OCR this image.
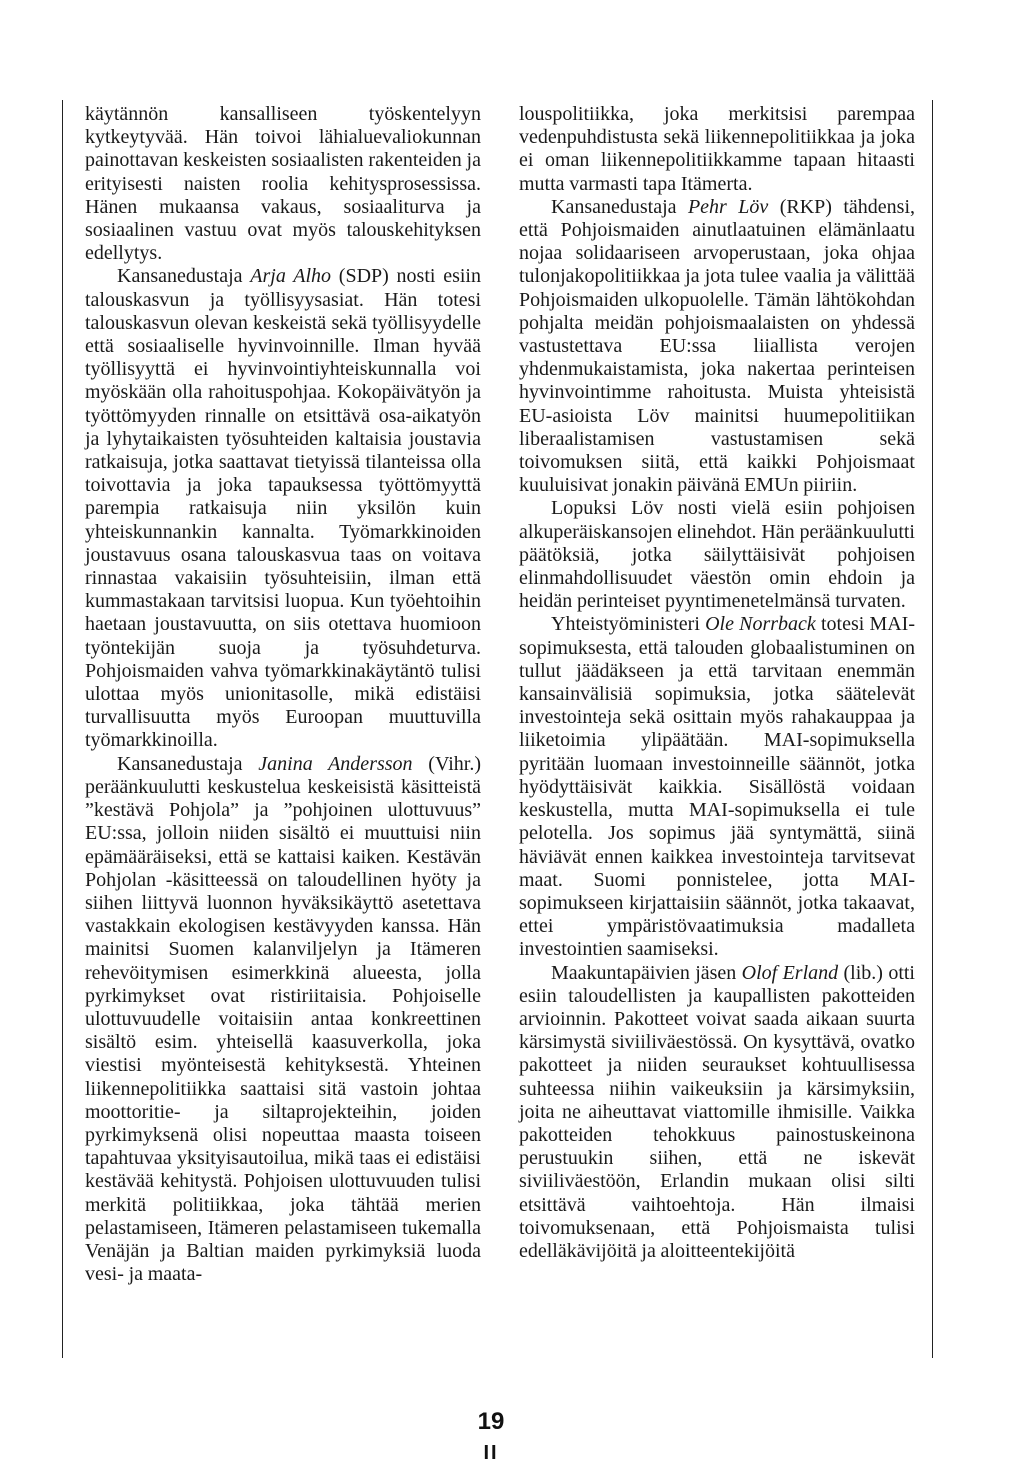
käytännön kansalliseen työskentelyyn kytkeytyvää. Hän toivoi lähialuevaliokunnan painottavan keskeisten sosiaalisten rakenteiden ja erityisesti naisten roolia kehitysprosessissa. Hänen mukaansa vakaus, sosiaaliturva ja sosiaalinen vastuu ovat myös talouskehityksen edellytys.

Kansanedustaja Arja Alho (SDP) nosti esiin talouskasvun ja työllisyysasiat. Hän totesi talouskasvun olevan keskeistä sekä työllisyydelle että sosiaaliselle hyvinvoinnille. Ilman hyvää työllisyyttä ei hyvinvointiyhteiskunnalla voi myöskään olla rahoituspohjaa. Kokopäivätyön ja työttömyyden rinnalle on etsittävä osa-aikatyön ja lyhytaikaisten työsuhteiden kaltaisia joustavia ratkaisuja, jotka saattavat tietyissä tilanteissa olla toivottavia ja joka tapauksessa työttömyyttä parempia ratkaisuja niin yksilön kuin yhteiskunnankin kannalta. Työmarkkinoiden joustavuus osana talouskasvua taas on voitava rinnastaa vakaisiin työsuhteisiin, ilman että kummastakaan tarvitsisi luopua. Kun työehtoihin haetaan joustavuutta, on siis otettava huomioon työntekijän suoja ja työsuhdeturva. Pohjoismaiden vahva työmarkkinakäytäntö tulisi ulottaa myös unionitasolle, mikä edistäisi turvallisuutta myös Euroopan muuttuvilla työmarkkinoilla.

Kansanedustaja Janina Andersson (Vihr.) peräänkuulutti keskustelua keskeisistä käsitteistä ”kestävä Pohjola” ja ”pohjoinen ulottuvuus” EU:ssa, jolloin niiden sisältö ei muuttuisi niin epämääräiseksi, että se kattaisi kaiken. Kestävän Pohjolan -käsitteessä on taloudellinen hyöty ja siihen liittyvä luonnon hyväksikäyttö asetettava vastakkain ekologisen kestävyyden kanssa. Hän mainitsi Suomen kalanviljelyn ja Itämeren rehevöitymisen esimerkkinä alueesta, jolla pyrkimykset ovat ristiriitaisia. Pohjoiselle ulottuvuudelle voitaisiin antaa konkreettinen sisältö esim. yhteisellä kaasuverkolla, joka viestisi myönteisestä kehityksestä. Yhteinen liikennepolitiikka saattaisi sitä vastoin johtaa moottoritie- ja siltaprojekteihin, joiden pyrkimyksenä olisi nopeuttaa maasta toiseen tapahtuvaa yksityisautoilua, mikä taas ei edistäisi kestävää kehitystä. Pohjoisen ulottuvuuden tulisi merkitä politiikkaa, joka tähtää merien pelastamiseen, Itämeren pelastamiseen tukemalla Venäjän ja Baltian maiden pyrkimyksiä luoda vesi- ja maata-

louspolitiikka, joka merkitsisi parempaa vedenpuhdistusta sekä liikennepolitiikkaa ja joka ei oman liikennepolitiikkamme tapaan hitaasti mutta varmasti tapa Itämerta.

Kansanedustaja Pehr Löv (RKP) tähdensi, että Pohjoismaiden ainutlaatuinen elämänlaatu nojaa solidaariseen arvoperustaan, joka ohjaa tulonjakopolitiikkaa ja jota tulee vaalia ja välittää Pohjoismaiden ulkopuolelle. Tämän lähtökohdan pohjalta meidän pohjoismaalaisten on yhdessä vastustettava EU:ssa liiallista verojen yhdenmukaistamista, joka nakertaa perinteisen hyvinvointimme rahoitusta. Muista yhteisistä EU-asioista Löv mainitsi huumepolitiikan liberaalistamisen vastustamisen sekä toivomuksen siitä, että kaikki Pohjoismaat kuuluisivat jonakin päivänä EMUn piiriin.

Lopuksi Löv nosti vielä esiin pohjoisen alkuperäiskansojen elinehdot. Hän peräänkuulutti päätöksiä, jotka säilyttäisivät pohjoisen elinmahdollisuudet väestön omin ehdoin ja heidän perinteiset pyyntimenetelmänsä turvaten.

Yhteistyöministeri Ole Norrback totesi MAI-sopimuksesta, että talouden globaalistuminen on tullut jäädäkseen ja että tarvitaan enemmän kansainvälisiä sopimuksia, jotka säätelevät investointeja sekä osittain myös rahakauppaa ja liiketoimia ylipäätään. MAI-sopimuksella pyritään luomaan investoinneille säännöt, jotka hyödyttäisivät kaikkia. Sisällöstä voidaan keskustella, mutta MAI-sopimuksella ei tule pelotella. Jos sopimus jää syntymättä, siinä häviävät ennen kaikkea investointeja tarvitsevat maat. Suomi ponnistelee, jotta MAI-sopimukseen kirjattaisiin säännöt, jotka takaavat, ettei ympäristövaatimuksia madalleta investointien saamiseksi.

Maakuntapäivien jäsen Olof Erland (lib.) otti esiin taloudellisten ja kaupallisten pakotteiden arvioinnin. Pakotteet voivat saada aikaan suurta kärsimystä siviiliväestössä. On kysyttävä, ovatko pakotteet ja niiden seuraukset kohtuullisessa suhteessa niihin vaikeuksiin ja kärsimyksiin, joita ne aiheuttavat viattomille ihmisille. Vaikka pakotteiden tehokkuus painostuskeinona perustuukin siihen, että ne iskevät siviiliväestöön, Erlandin mukaan olisi silti etsittävä vaihtoehtoja. Hän ilmaisi toivomuksenaan, että Pohjoismaista tulisi edelläkävijöitä ja aloitteentekijöitä

19
II
